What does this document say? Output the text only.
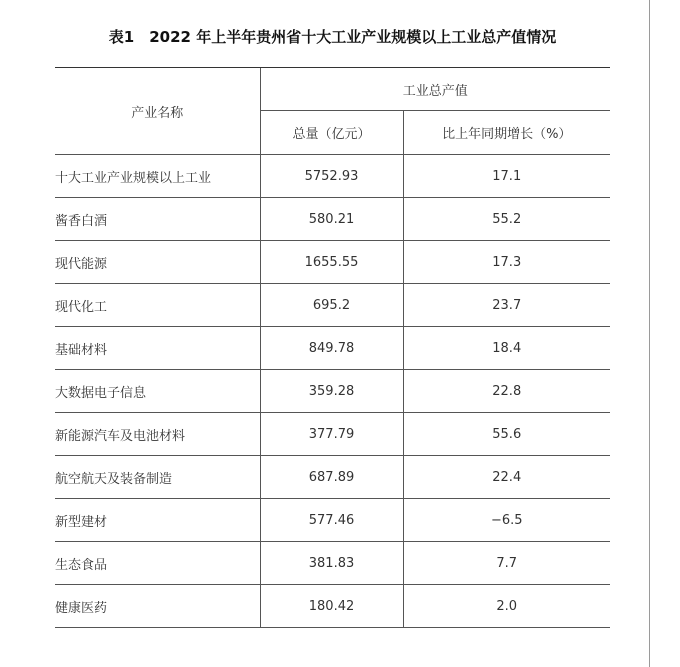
表1　2022 年上半年贵州省十大工业产业规模以上工业总产值情况
产业名称	工业总产值	
	总量（亿元）	比上年同期增长（%）
十大工业产业规模以上工业	5752.93	17.1
酱香白酒	580.21	55.2
现代能源	1655.55	17.3
现代化工	695.2	23.7
基础材料	849.78	18.4
大数据电子信息	359.28	22.8
新能源汽车及电池材料	377.79	55.6
航空航天及装备制造	687.89	22.4
新型建材	577.46	−6.5
生态食品	381.83	7.7
健康医药	180.42	2.0
